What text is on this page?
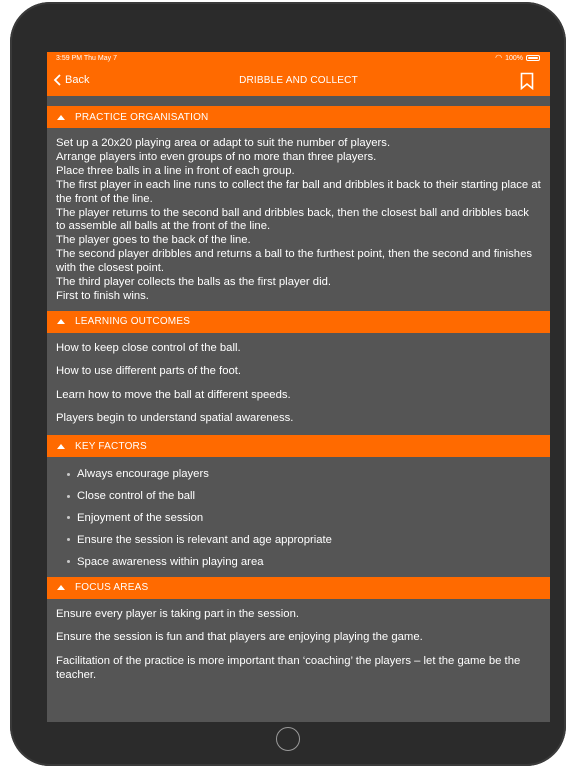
3:59 PM Thu May 7	◠ 100%
Back	DRIBBLE AND COLLECT
PRACTICE ORGANISATION

Set up a 20x20 playing area or adapt to suit the number of players.

Arrange players into even groups of no more than three players.

Place three balls in a line in front of each group.

The first player in each line runs to collect the far ball and dribbles it back to their starting place at the front of the line.

The player returns to the second ball and dribbles back, then the closest ball and dribbles back to assemble all balls at the front of the line.

The player goes to the back of the line.

The second player dribbles and returns a ball to the furthest point, then the second and finishes with the closest point.

The third player collects the balls as the first player did.

First to finish wins.

LEARNING OUTCOMES

How to keep close control of the ball.

How to use different parts of the foot.

Learn how to move the ball at different speeds.

Players begin to understand spatial awareness.

KEY FACTORS
Always encourage players
Close control of the ball
Enjoyment of the session
Ensure the session is relevant and age appropriate
Space awareness within playing area
FOCUS AREAS

Ensure every player is taking part in the session.

Ensure the session is fun and that players are enjoying playing the game.

Facilitation of the practice is more important than ‘coaching’ the players – let the game be the teacher.
